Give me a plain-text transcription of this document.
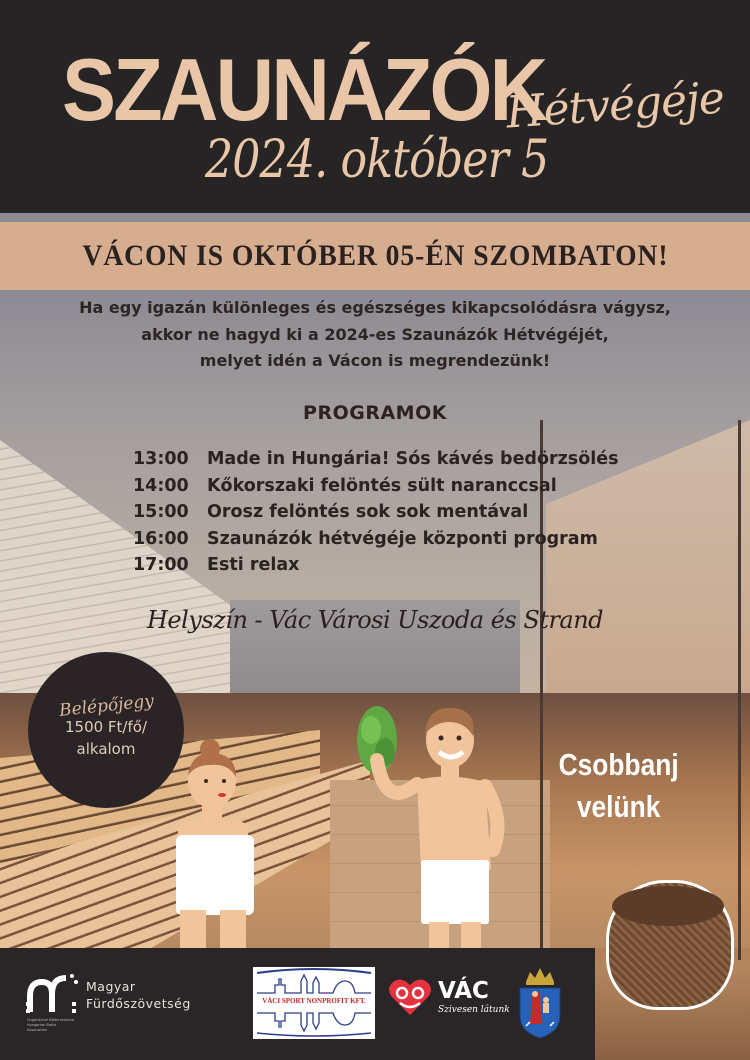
SZAUNÁZÓK
Hétvégéje
2024. október 5
VÁCON IS OKTÓBER 05-ÉN SZOMBATON!
Ha egy igazán különleges és egészséges kikapcsolódásra vágysz,
akkor ne hagyd ki a 2024-es Szaunázók Hétvégéjét,
melyet idén a Vácon is megrendezünk!
PROGRAMOK
13:00	Made in Hungária! Sós kávés bedörzsölés
14:00	Kőkorszaki felöntés sült naranccsal
15:00	Orosz felöntés sok sok mentával
16:00	Szaunázók hétvégéje központi program
17:00	Esti relax
Helyszín - Vác Városi Uszoda és Strand
Belépőjegy
1500 Ft/fő/
alkalom	Csobbanj
velünk
Magyar
Fürdőszövetség
Ungarischer Bäderverband
Hungarian Baths Association
VÁCI SPORT NONPROFIT KFT.	VÁC
Szivesen látunk
